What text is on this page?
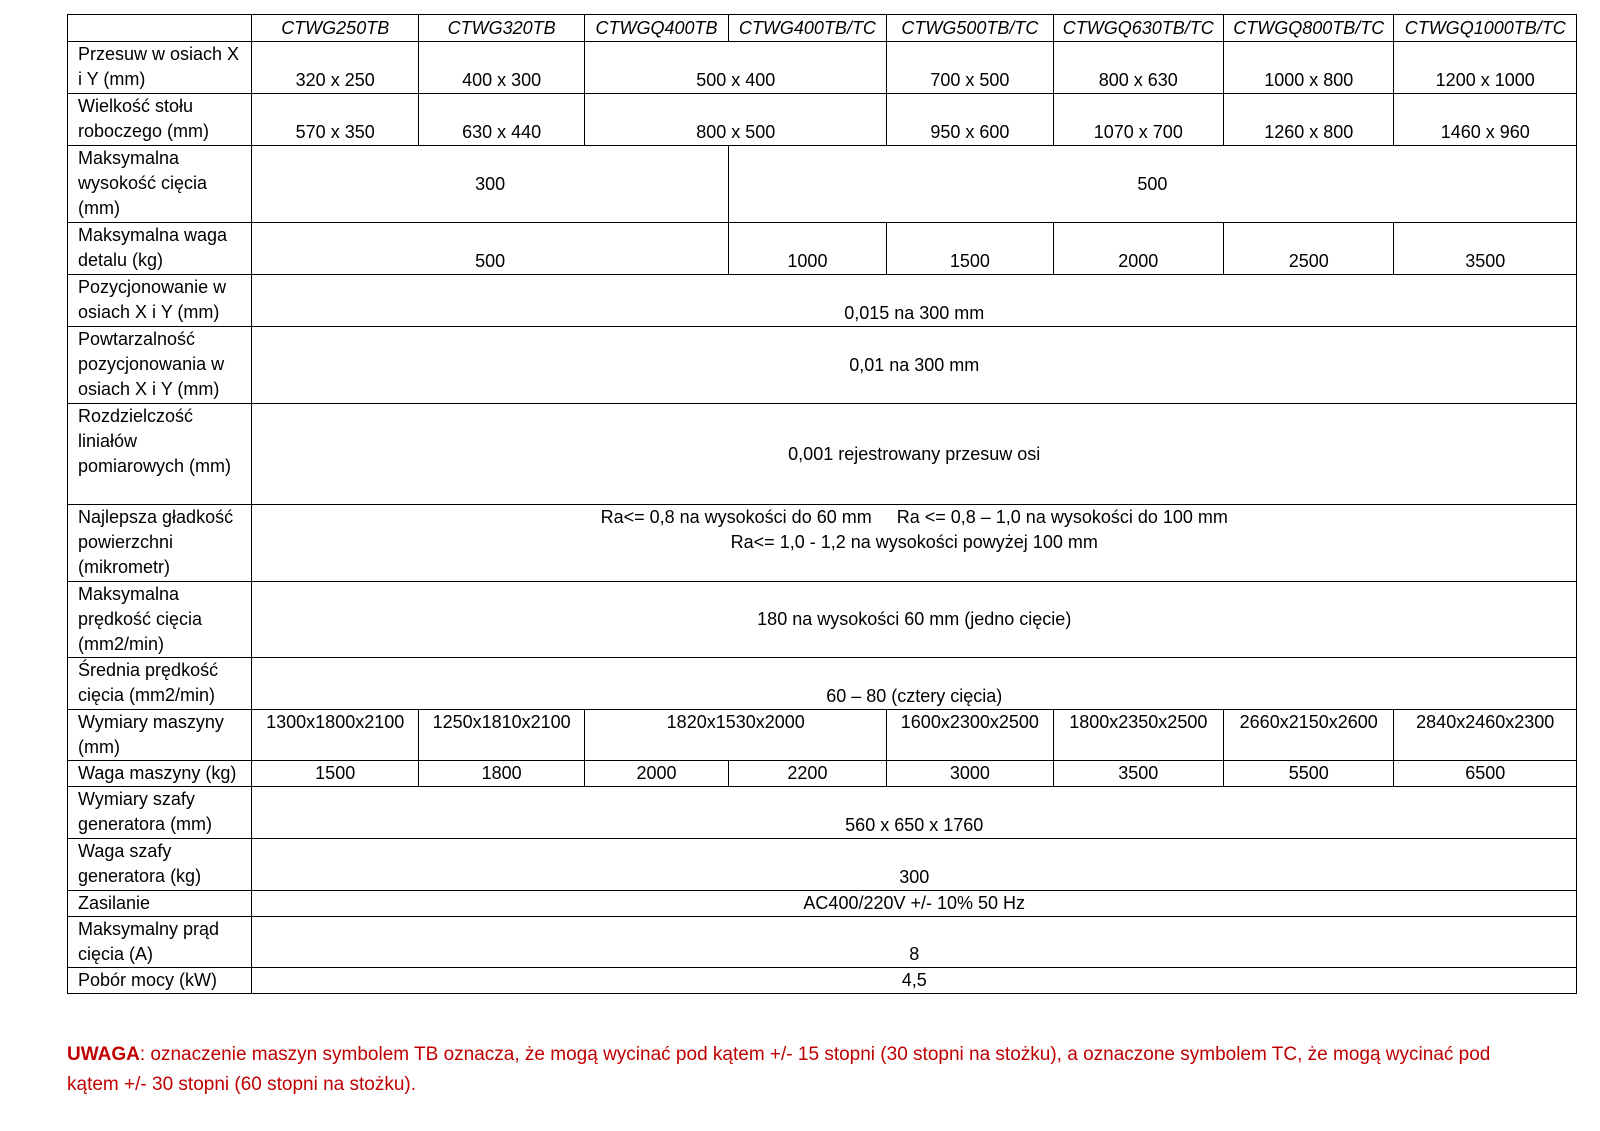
	CTWG250TB	CTWG320TB	CTWGQ400TB	CTWG400TB/TC	CTWG500TB/TC	CTWGQ630TB/TC	CTWGQ800TB/TC	CTWGQ1000TB/TC
Przesuw w osiach X i Y (mm)	320 x 250	400 x 300	500 x 400		700 x 500	800 x 630	1000 x 800	1200 x 1000
Wielkość stołu roboczego (mm)	570 x 350	630 x 440	800 x 500		950 x 600	1070 x 700	1260 x 800	1460 x 960
Maksymalna wysokość cięcia (mm)	300			500				
Maksymalna waga detalu (kg)	500			1000	1500	2000	2500	3500
Pozycjonowanie w osiach X i Y (mm)	0,015 na 300 mm							
Powtarzalność pozycjonowania w osiach X i Y (mm)	0,01 na 300 mm							
Rozdzielczość liniałów pomiarowych (mm)	0,001 rejestrowany przesuw osi							
Najlepsza gładkość powierzchni (mikrometr)	Ra<= 0,8 na wysokości do 60 mm     Ra <= 0,8 – 1,0 na wysokości do 100 mm
Ra<= 1,0 - 1,2 na wysokości powyżej 100 mm							

Maksymalna prędkość cięcia (mm2/min)	180 na wysokości 60 mm (jedno cięcie)							
Średnia prędkość cięcia (mm2/min)	60 – 80 (cztery cięcia)							
Wymiary maszyny (mm)	1300x1800x2100	1250x1810x2100	1820x1530x2000		1600x2300x2500	1800x2350x2500	2660x2150x2600	2840x2460x2300
Waga maszyny (kg)	1500	1800	2000	2200	3000	3500	5500	6500
Wymiary szafy generatora (mm)	560 x 650 x 1760							
Waga szafy generatora (kg)	300							
Zasilanie	AC400/220V +/- 10% 50 Hz							
Maksymalny prąd cięcia (A)	8							
Pobór mocy (kW)	4,5							
UWAGA: oznaczenie maszyn symbolem TB oznacza, że mogą wycinać pod kątem +/- 15 stopni (30 stopni na stożku), a oznaczone symbolem TC, że mogą wycinać pod kątem +/- 30 stopni (60 stopni na stożku).
